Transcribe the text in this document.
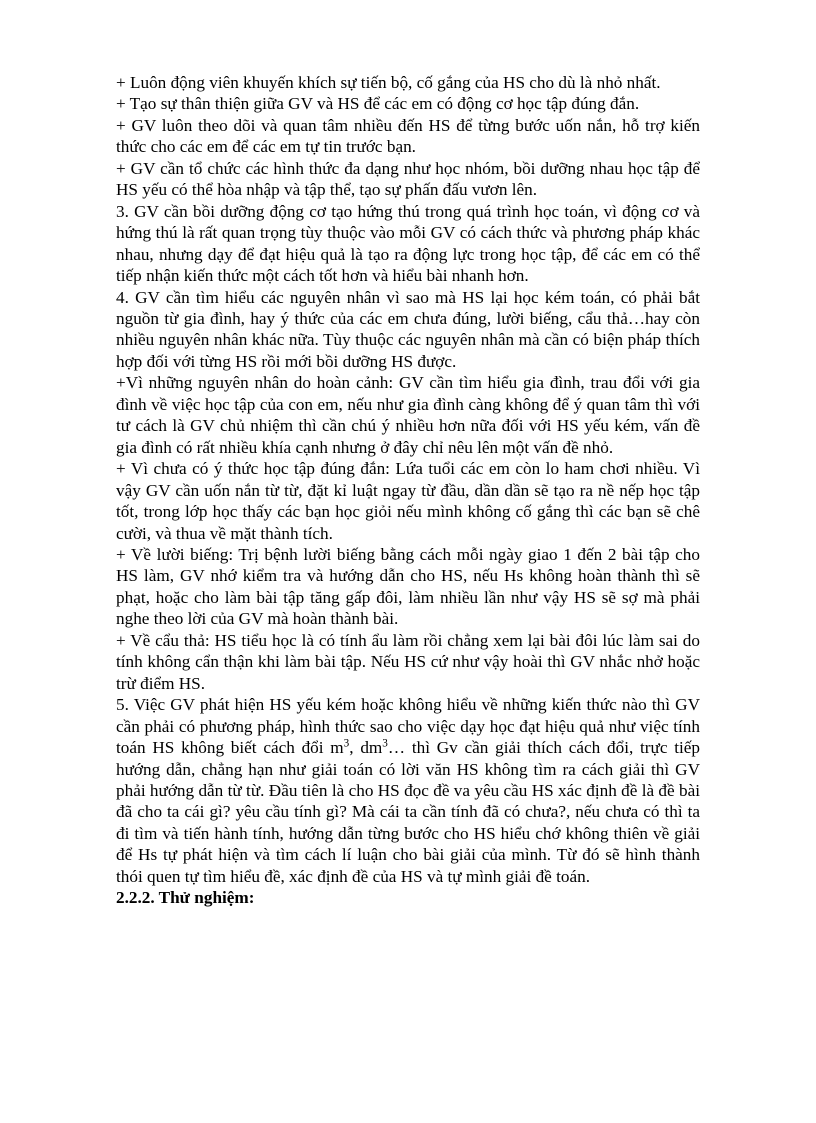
+ Luôn động viên khuyến khích sự tiến bộ, cố gắng của HS cho dù là nhỏ nhất.

+ Tạo sự thân thiện giữa GV và HS để các em có động cơ học tập đúng đắn.

+ GV luôn theo dõi và quan tâm nhiều đến HS để từng bước uốn nắn, hỗ trợ kiến thức cho các em để các em tự tin trước bạn.

+ GV cần tổ chức các hình thức đa dạng như học nhóm, bồi dưỡng nhau học tập để HS yếu có thể hòa nhập và tập thể, tạo sự phấn đấu vươn lên.

3. GV cần bồi dưỡng động cơ tạo hứng thú trong quá trình học toán, vì động cơ và hứng thú là rất quan trọng tùy thuộc vào mỗi GV có cách thức và phương pháp khác nhau, nhưng dạy để đạt hiệu quả là tạo ra động lực trong học tập, để các em có thể tiếp nhận kiến thức một cách tốt hơn và hiểu bài nhanh hơn.

4. GV cần tìm hiểu các nguyên nhân vì sao mà HS lại học kém toán, có phải bắt nguồn từ gia đình, hay ý thức của các em chưa đúng, lười biếng, cẩu thả…hay còn nhiều nguyên nhân khác nữa. Tùy thuộc các nguyên nhân mà cần có biện pháp thích hợp đối với từng HS rồi mới bồi dưỡng HS được.

+Vì những nguyên nhân do hoàn cảnh: GV cần tìm hiểu gia đình, trau đổi với gia đình về việc học tập của con em, nếu như gia đình càng không để ý quan tâm thì với tư cách là GV chủ nhiệm thì cần chú ý nhiều hơn nữa đối với HS yếu kém, vấn đề gia đình có rất nhiều khía cạnh nhưng ở đây chỉ nêu lên một vấn đề nhỏ.

+ Vì chưa có ý thức học tập đúng đắn: Lứa tuổi các em còn lo ham chơi nhiều. Vì vậy GV cần uốn nắn từ từ, đặt kỉ luật ngay từ đầu, dần dần sẽ tạo ra nề nếp học tập tốt, trong lớp học thấy các bạn học giỏi nếu mình không cố gắng thì các bạn sẽ chê cười, và thua về mặt thành tích.

+ Về lười biếng: Trị bệnh lười biếng bằng cách mỗi ngày giao 1 đến 2 bài tập cho HS làm, GV nhớ kiểm tra và hướng dẫn cho HS, nếu Hs không hoàn thành thì sẽ phạt, hoặc cho làm bài tập tăng gấp đôi, làm nhiều lần như vậy HS sẽ sợ mà phải nghe theo lời của GV mà hoàn thành bài.

+ Về cẩu thả: HS tiểu học là có tính ẩu làm rồi chẳng xem lại bài đôi lúc làm sai do tính không cẩn thận khi làm bài tập. Nếu HS cứ như vậy hoài thì GV nhắc nhở hoặc trừ điểm HS.

5. Việc GV phát hiện HS yếu kém hoặc không hiểu về những kiến thức nào thì GV cần phải có phương pháp, hình thức sao cho việc dạy học đạt hiệu quả như việc tính toán HS không biết cách đổi $m^3$, $dm^3\dots$ thì Gv cần giải thích cách đổi, trực tiếp hướng dẫn, chẳng hạn như giải toán có lời văn HS không tìm ra cách giải thì GV phải hướng dẫn từ từ. Đầu tiên là cho HS đọc đề va yêu cầu HS xác định đề là đề bài đã cho ta cái gì? yêu cầu tính gì? Mà cái ta cần tính đã có chưa?, nếu chưa có thì ta đi tìm và tiến hành tính, hướng dẫn từng bước cho HS hiểu chớ không thiên về giải để Hs tự phát hiện và tìm cách lí luận cho bài giải của mình. Từ đó sẽ hình thành thói quen tự tìm hiểu đề, xác định đề của HS và tự mình giải đề toán.

2.2.2. Thử nghiệm:
